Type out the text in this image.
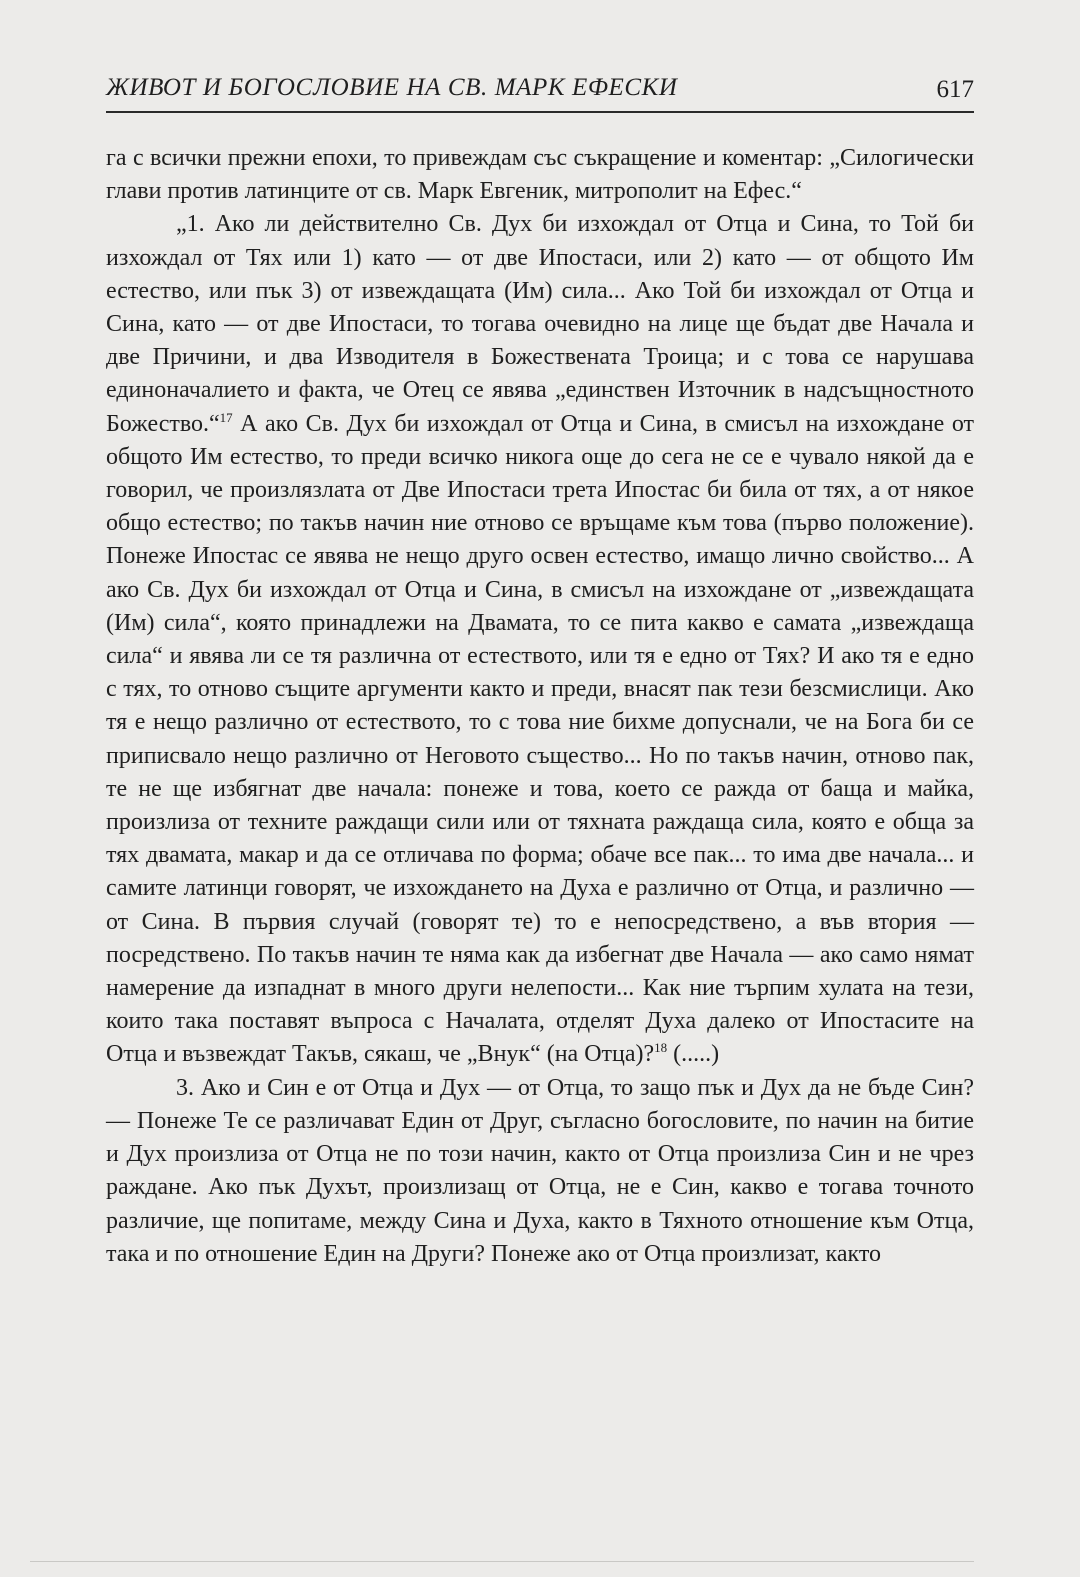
ЖИВОТ И БОГОСЛОВИЕ НА СВ. МАРК ЕФЕСКИ	617

га с всички прежни епохи, то привеждам със съкращение и коментар: „Силогически глави против латинците от св. Марк Евгеник, митрополит на Ефес.“

„1. Ако ли действително Св. Дух би изхождал от Отца и Сина, то Той би изхождал от Тях или 1) като — от две Ипостаси, или 2) като — от общото Им естество, или пък 3) от извеждащата (Им) сила... Ако Той би изхождал от Отца и Сина, като — от две Ипостаси, то тогава очевидно на лице ще бъдат две Начала и две Причини, и два Изводителя в Божествената Троица; и с това се нарушава единоначалието и факта, че Отец се явява „единствен Източник в надсъщностното Божество.“$^{17}$ А ако Св. Дух би изхождал от Отца и Сина, в смисъл на изхождане от общото Им естество, то преди всичко никога още до сега не се е чувало някой да е говорил, че произлязлата от Две Ипостаси трета Ипостас би била от тях, а от някое общо естество; по такъв начин ние отново се връщаме към това (първо положение). Понеже Ипостас се явява не нещо друго освен естество, имащо лично свойство... А ако Св. Дух би изхождал от Отца и Сина, в смисъл на изхождане от „извеждащата (Им) сила“, която принадлежи на Двамата, то се пита какво е самата „извеждаща сила“ и явява ли се тя различна от естеството, или тя е едно от Тях? И ако тя е едно с тях, то отново същите аргументи както и преди, внасят пак тези безсмислици. Ако тя е нещо различно от естеството, то с това ние бихме допуснали, че на Бога би се приписвало нещо различно от Неговото същество... Но по такъв начин, отново пак, те не ще избягнат две начала: понеже и това, което се ражда от баща и майка, произлиза от техните раждащи сили или от тяхната раждаща сила, която е обща за тях двамата, макар и да се отличава по форма; обаче все пак... то има две начала... и самите латинци говорят, че изхождането на Духа е различно от Отца, и различно — от Сина. В първия случай (говорят те) то е непосредствено, а във втория — посредствено. По такъв начин те няма как да избегнат две Начала — ако само нямат намерение да изпаднат в много други нелепости... Как ние търпим хулата на тези, които така поставят въпроса с Началата, отделят Духа далеко от Ипостасите на Отца и възвеждат Такъв, сякаш, че „Внук“ (на Отца)?$^{18}$ (.....)

3. Ако и Син е от Отца и Дух — от Отца, то защо пък и Дух да не бъде Син? — Понеже Те се различават Един от Друг, съгласно богословите, по начин на битие и Дух произлиза от Отца не по този начин, както от Отца произлиза Син и не чрез раждане. Ако пък Духът, произлизащ от Отца, не е Син, какво е тогава точното различие, ще попитаме, между Сина и Духа, както в Тяхното отношение към Отца, така и по отношение Един на Други? Понеже ако от Отца произлизат, както
